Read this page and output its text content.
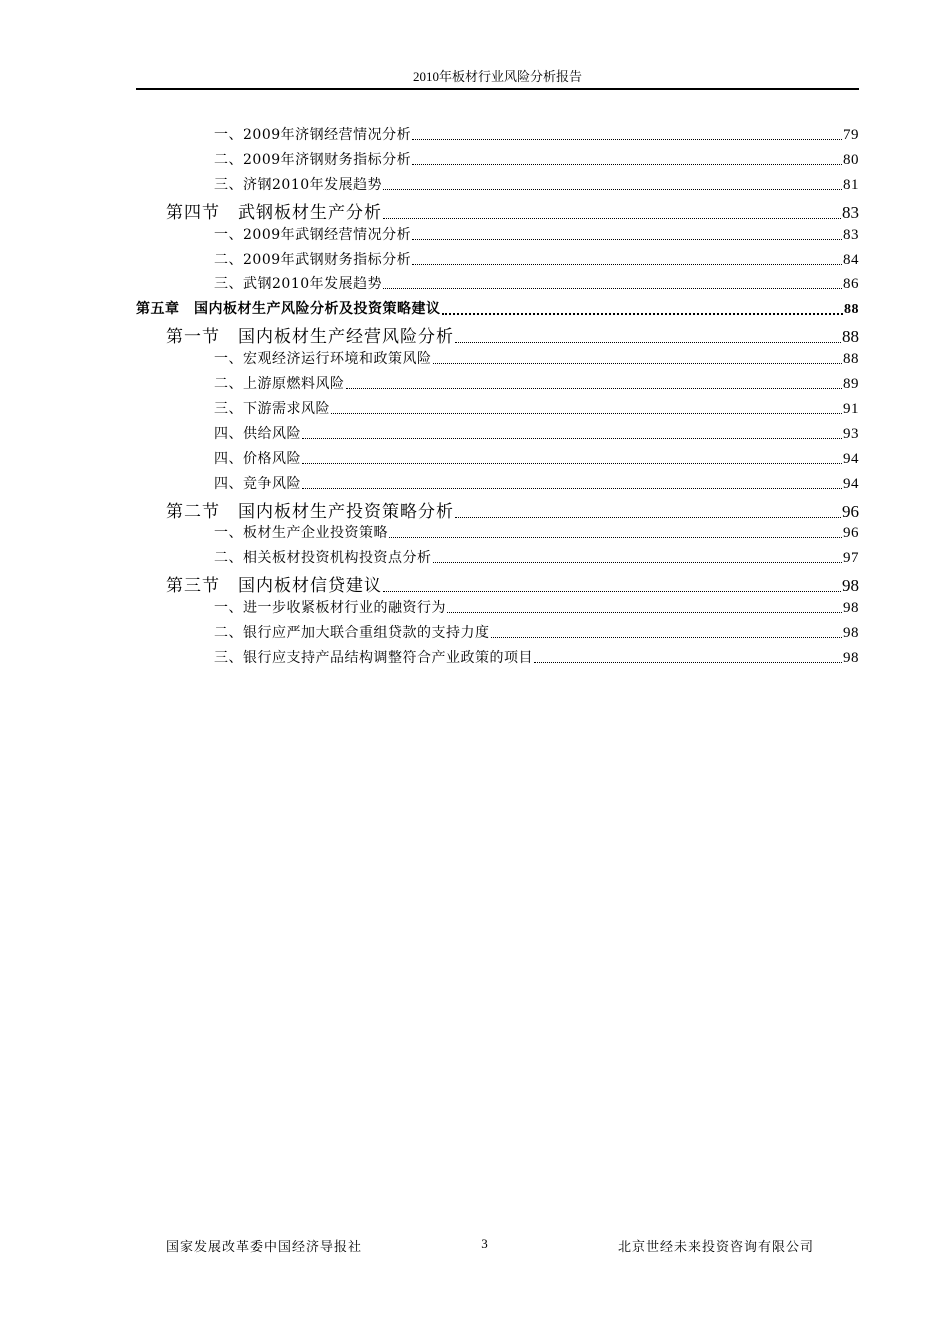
2010年板材行业风险分析报告
一、2009年济钢经营情况分析	79
二、2009年济钢财务指标分析	80
三、济钢2010年发展趋势	81
第四节　武钢板材生产分析	83
一、2009年武钢经营情况分析	83
二、2009年武钢财务指标分析	84
三、武钢2010年发展趋势	86
第五章　国内板材生产风险分析及投资策略建议	88
第一节　国内板材生产经营风险分析	88
一、宏观经济运行环境和政策风险	88
二、上游原燃料风险	89
三、下游需求风险	91
四、供给风险	93
四、价格风险	94
四、竞争风险	94
第二节　国内板材生产投资策略分析	96
一、板材生产企业投资策略	96
二、相关板材投资机构投资点分析	97
第三节　国内板材信贷建议	98
一、进一步收紧板材行业的融资行为	98
二、银行应严加大联合重组贷款的支持力度	98
三、银行应支持产品结构调整符合产业政策的项目	98
国家发展改革委中国经济导报社	3	北京世经未来投资咨询有限公司
